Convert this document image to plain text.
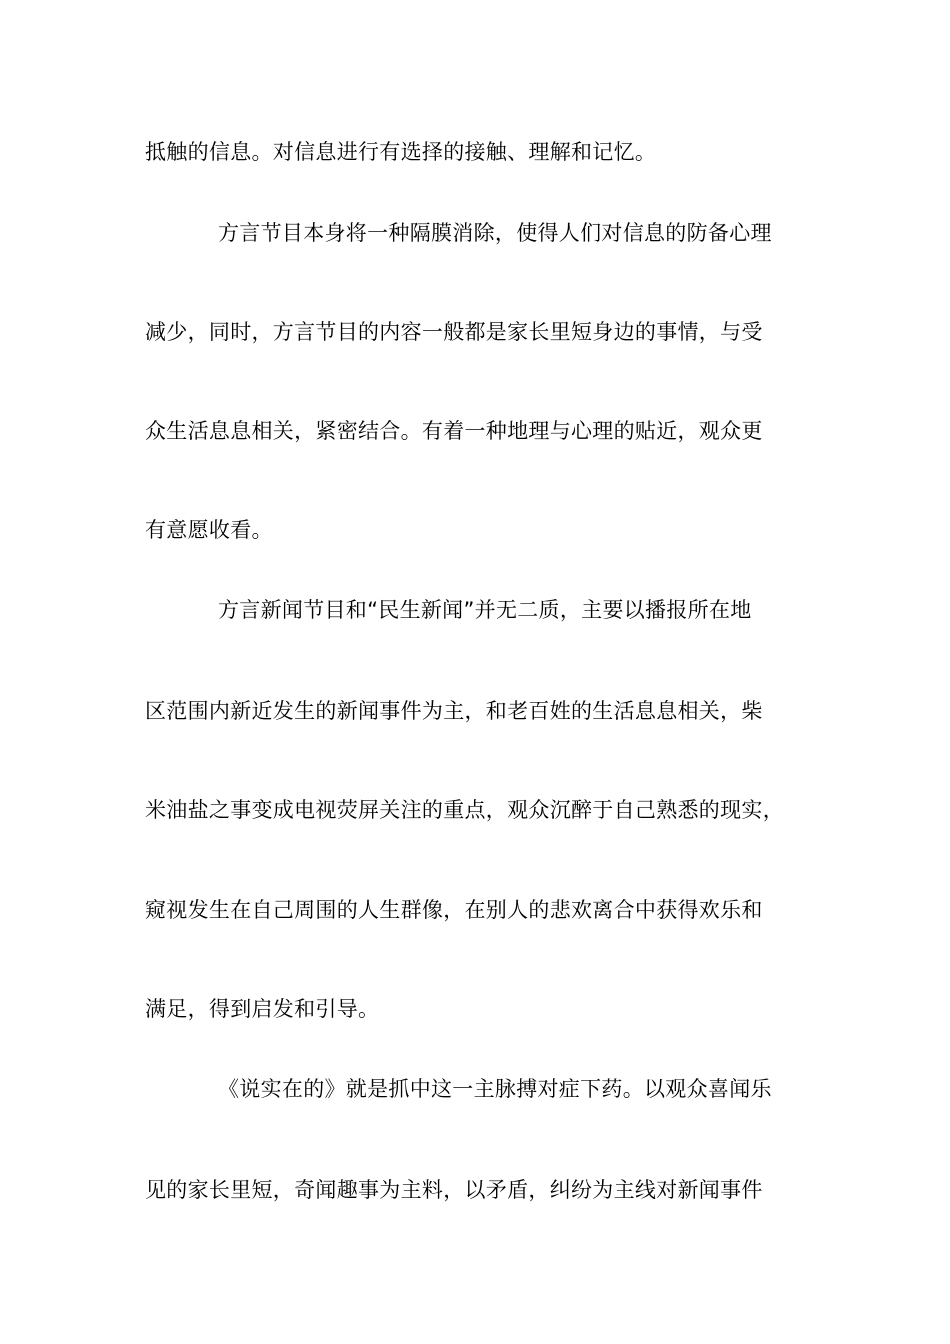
抵触的信息。对信息进行有选择的接触、理解和记忆。
方言节目本身将一种隔膜消除，使得人们对信息的防备心理
减少，同时，方言节目的内容一般都是家长里短身边的事情，与受
众生活息息相关，紧密结合。有着一种地理与心理的贴近，观众更
有意愿收看。
方言新闻节目和“民生新闻”并无二质，主要以播报所在地
区范围内新近发生的新闻事件为主，和老百姓的生活息息相关，柴
米油盐之事变成电视荧屏关注的重点，观众沉醉于自己熟悉的现实，
窥视发生在自己周围的人生群像，在别人的悲欢离合中获得欢乐和
满足，得到启发和引导。
《说实在的》就是抓中这一主脉搏对症下药。以观众喜闻乐
见的家长里短，奇闻趣事为主料，以矛盾，纠纷为主线对新闻事件
